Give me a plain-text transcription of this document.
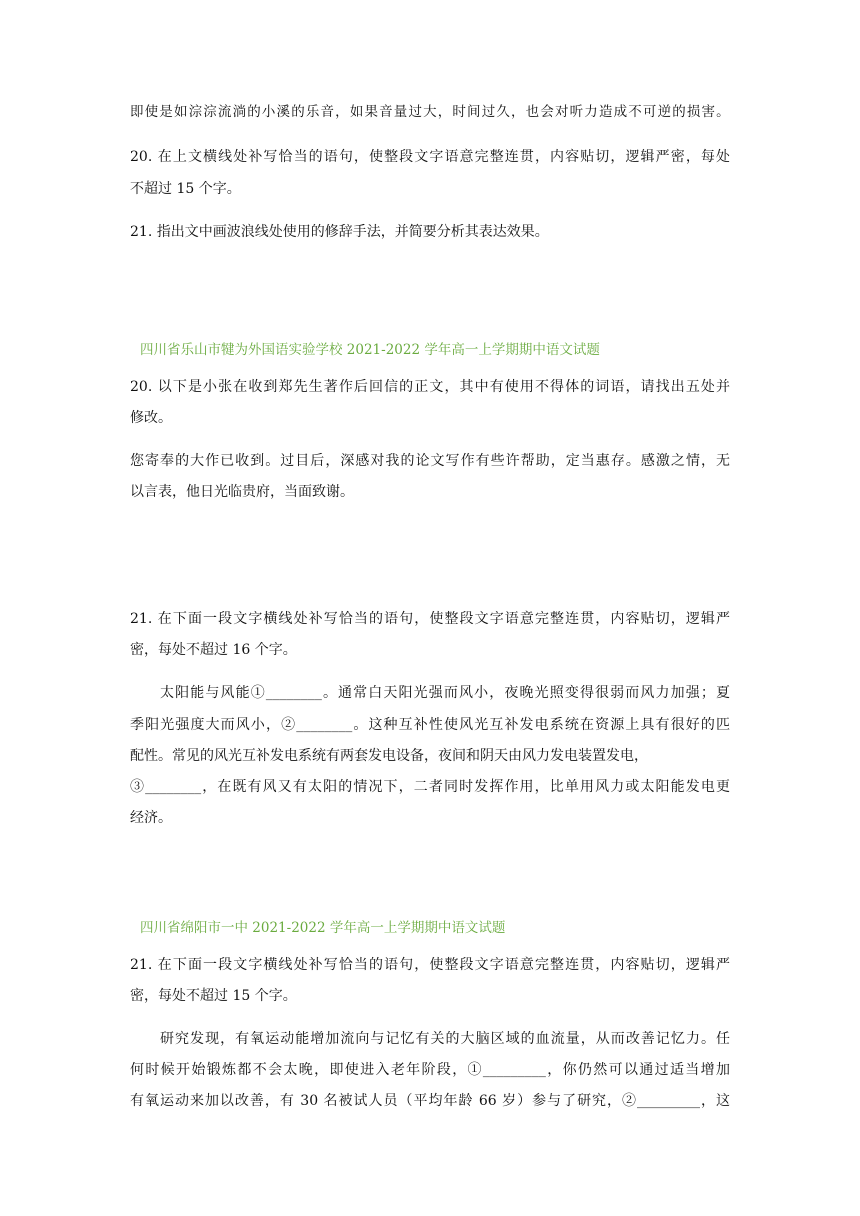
即使是如淙淙流淌的小溪的乐音，如果音量过大，时间过久，也会对听力造成不可逆的损害。
20. 在上文横线处补写恰当的语句，使整段文字语意完整连贯，内容贴切，逻辑严密，每处
不超过 15 个字。
21. 指出文中画波浪线处使用的修辞手法，并简要分析其表达效果。
四川省乐山市犍为外国语实验学校 2021-2022 学年高一上学期期中语文试题
20. 以下是小张在收到郑先生著作后回信的正文，其中有使用不得体的词语，请找出五处并
修改。
您寄奉的大作已收到。过目后，深感对我的论文写作有些许帮助，定当惠存。感激之情，无
以言表，他日光临贵府，当面致谢。
21. 在下面一段文字横线处补写恰当的语句，使整段文字语意完整连贯，内容贴切，逻辑严
密，每处不超过 16 个字。
太阳能与风能①________。通常白天阳光强而风小，夜晚光照变得很弱而风力加强；夏
季阳光强度大而风小，②________。这种互补性使风光互补发电系统在资源上具有很好的匹
配性。常见的风光互补发电系统有两套发电设备，夜间和阴天由风力发电装置发电，
③________，在既有风又有太阳的情况下，二者同时发挥作用，比单用风力或太阳能发电更
经济。
四川省绵阳市一中 2021-2022 学年高一上学期期中语文试题
21. 在下面一段文字横线处补写恰当的语句，使整段文字语意完整连贯，内容贴切，逻辑严
密，每处不超过 15 个字。
研究发现，有氧运动能增加流向与记忆有关的大脑区域的血流量，从而改善记忆力。任
何时候开始锻炼都不会太晚，即使进入老年阶段，①_________，你仍然可以通过适当增加
有氧运动来加以改善，有 30 名被试人员（平均年龄 66 岁）参与了研究，②_________，这
